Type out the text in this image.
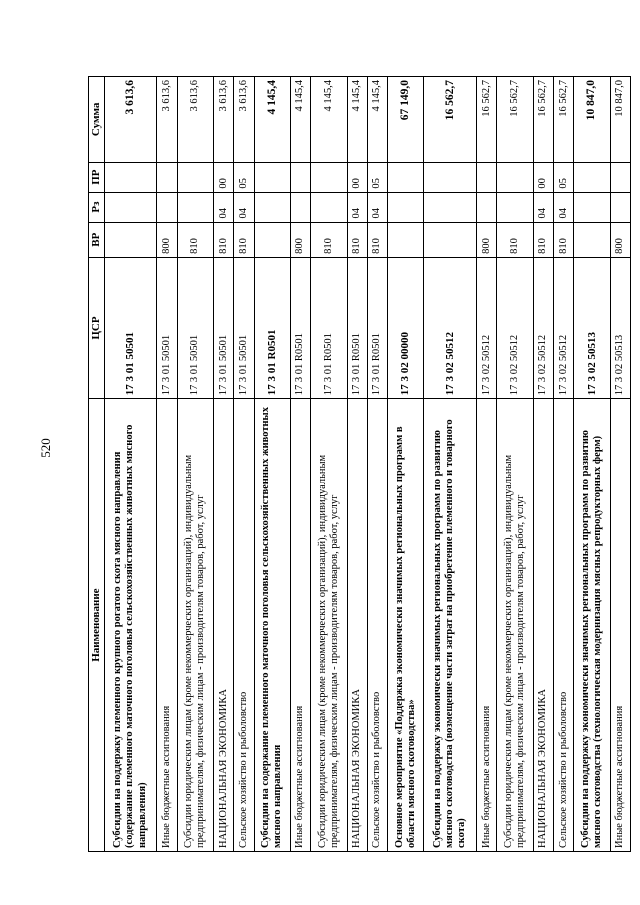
520
Наименование	ЦСР	ВР	Рз	ПР	Сумма
Субсидии на поддержку племенного крупного рогатого скота мясного направления (содержание племенного маточного поголовья сельскохозяйственных животных мясного направления)	17 3 01 50501				3 613,6
Иные бюджетные ассигнования	17 3 01 50501	800			3 613,6
Субсидии юридическим лицам (кроме некоммерческих организаций), индивидуальным предпринимателям, физическим лицам - производителям товаров, работ, услуг	17 3 01 50501	810			3 613,6
НАЦИОНАЛЬНАЯ ЭКОНОМИКА	17 3 01 50501	810	04	00	3 613,6
Сельское хозяйство и рыболовство	17 3 01 50501	810	04	05	3 613,6
Субсидии на содержание племенного маточного поголовья сельскохозяйственных животных мясного направления	17 3 01 R0501				4 145,4
Иные бюджетные ассигнования	17 3 01 R0501	800			4 145,4
Субсидии юридическим лицам (кроме некоммерческих организаций), индивидуальным предпринимателям, физическим лицам - производителям товаров, работ, услуг	17 3 01 R0501	810			4 145,4
НАЦИОНАЛЬНАЯ ЭКОНОМИКА	17 3 01 R0501	810	04	00	4 145,4
Сельское хозяйство и рыболовство	17 3 01 R0501	810	04	05	4 145,4
Основное мероприятие «Поддержка экономически значимых региональных программ в области мясного скотоводства»	17 3 02 00000				67 149,0
Субсидии на поддержку экономически значимых региональных программ по развитию мясного скотоводства (возмещение части затрат на приобретение племенного и товарного скота)	17 3 02 50512				16 562,7
Иные бюджетные ассигнования	17 3 02 50512	800			16 562,7
Субсидии юридическим лицам (кроме некоммерческих организаций), индивидуальным предпринимателям, физическим лицам - производителям товаров, работ, услуг	17 3 02 50512	810			16 562,7
НАЦИОНАЛЬНАЯ ЭКОНОМИКА	17 3 02 50512	810	04	00	16 562,7
Сельское хозяйство и рыболовство	17 3 02 50512	810	04	05	16 562,7
Субсидии на поддержку экономически значимых региональных программ по развитию мясного скотоводства (технологическая модернизация мясных репродукторных ферм)	17 3 02 50513				10 847,0
Иные бюджетные ассигнования	17 3 02 50513	800			10 847,0
